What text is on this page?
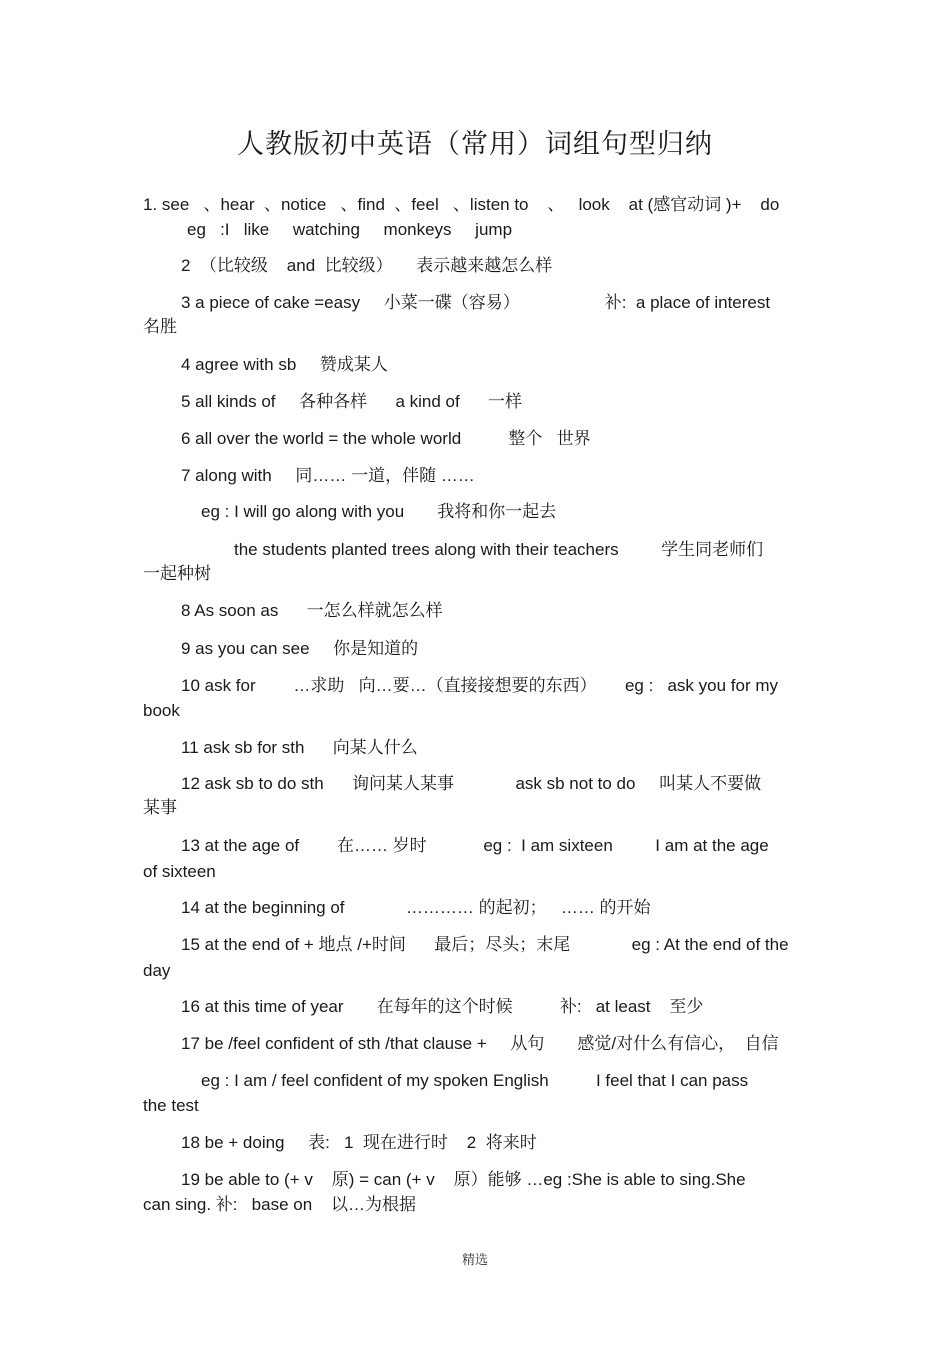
人教版初中英语（常用）词组句型归纳
1. see   、hear  、notice   、find  、feel   、listen to    、   look    at (感官动词 )+    do
eg   :I   like     watching     monkeys     jump
2  （比较级    and  比较级）     表示越来越怎么样
3 a piece of cake =easy     小菜一碟（容易）                  补:  a place of interest
名胜
4 agree with sb     赞成某人
5 all kinds of     各种各样      a kind of      一样
6 all over the world = the whole world          整个   世界
7 along with     同…… 一道，伴随 ……
eg : I will go along with you       我将和你一起去
the students planted trees along with their teachers         学生同老师们
一起种树
8 As soon as      一怎么样就怎么样
9 as you can see     你是知道的
10 ask for        …求助   向…要…（直接接想要的东西）      eg :   ask you for my
book
11 ask sb for sth      向某人什么
12 ask sb to do sth      询问某人某事             ask sb not to do     叫某人不要做
某事
13 at the age of        在…… 岁时            eg :  I am sixteen         I am at the age
of sixteen
14 at the beginning of             ………… 的起初；   …… 的开始
15 at the end of + 地点 /+时间      最后；尽头；末尾             eg : At the end of the
day
16 at this time of year       在每年的这个时候          补:   at least    至少
17 be /feel confident of sth /that clause +     从句       感觉/对什么有信心，  自信
eg : I am / feel confident of my spoken English          I feel that I can pass
the test
18 be + doing     表:   1  现在进行时    2  将来时
19 be able to (+ v    原) = can (+ v    原）能够 …eg :She is able to sing.She
can sing. 补:   base on    以…为根据
精选
